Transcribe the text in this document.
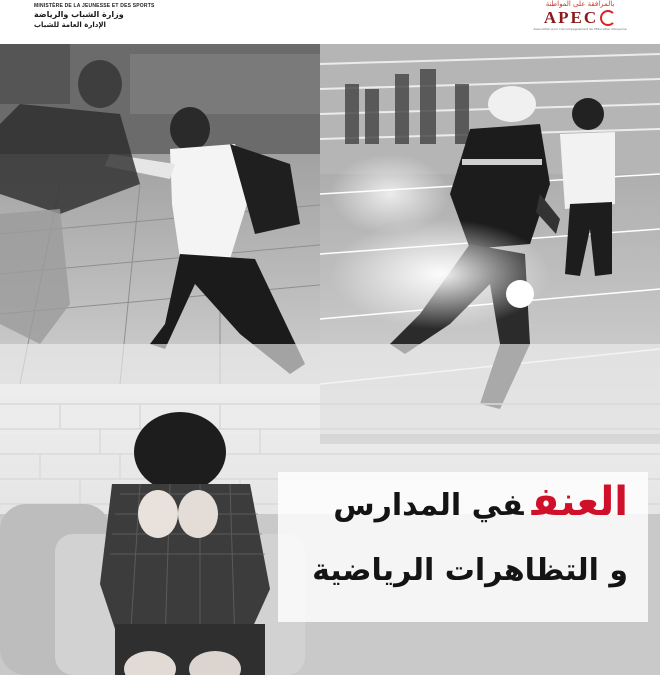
MINISTÈRE DE LA JEUNESSE ET DES SPORTS
وزارة الشباب والرياضة
الإدارة العامة للشباب
بالمرافقة على المواطنة
APEC
Association pour l'Accompagnement de l'Education Citoyenne
العنففي المدارس
و التظاهرات الرياضية
